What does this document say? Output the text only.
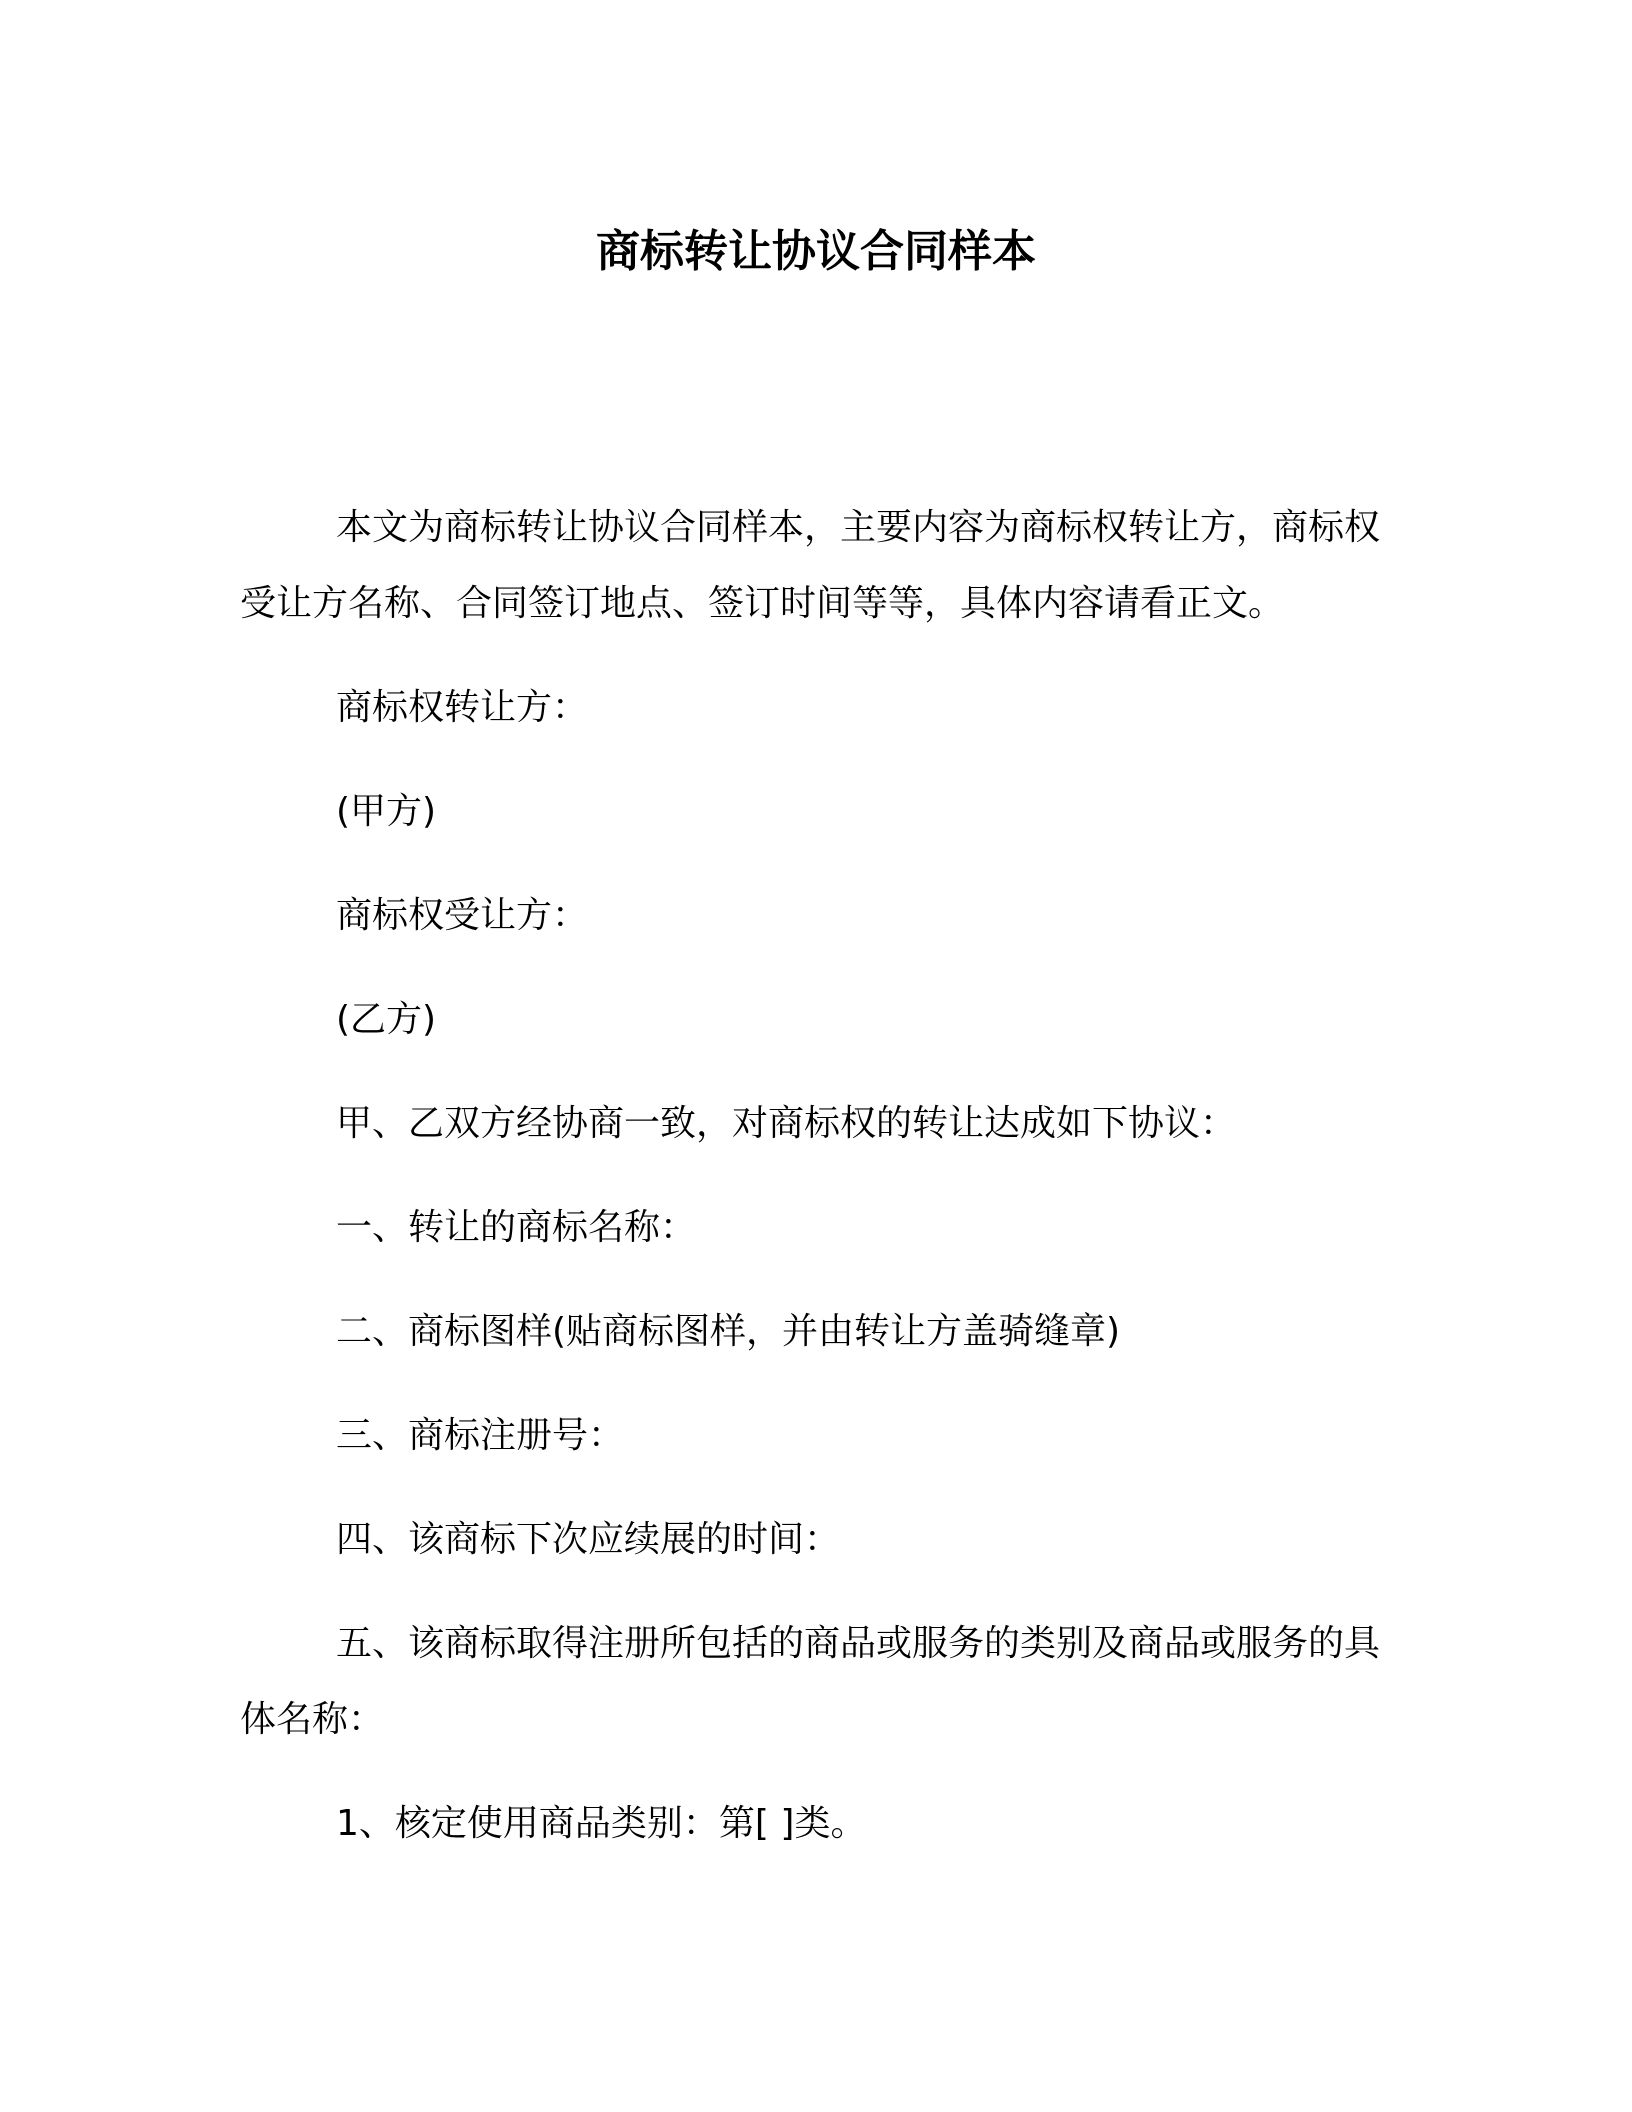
商标转让协议合同样本

本文为商标转让协议合同样本，主要内容为商标权转让方，商标权受让方名称、合同签订地点、签订时间等等，具体内容请看正文。

商标权转让方：

(甲方)

商标权受让方：

(乙方)

甲、乙双方经协商一致，对商标权的转让达成如下协议：

一、转让的商标名称：

二、商标图样(贴商标图样，并由转让方盖骑缝章)

三、商标注册号：

四、该商标下次应续展的时间：

五、该商标取得注册所包括的商品或服务的类别及商品或服务的具体名称：

1、核定使用商品类别：第[ ]类。
